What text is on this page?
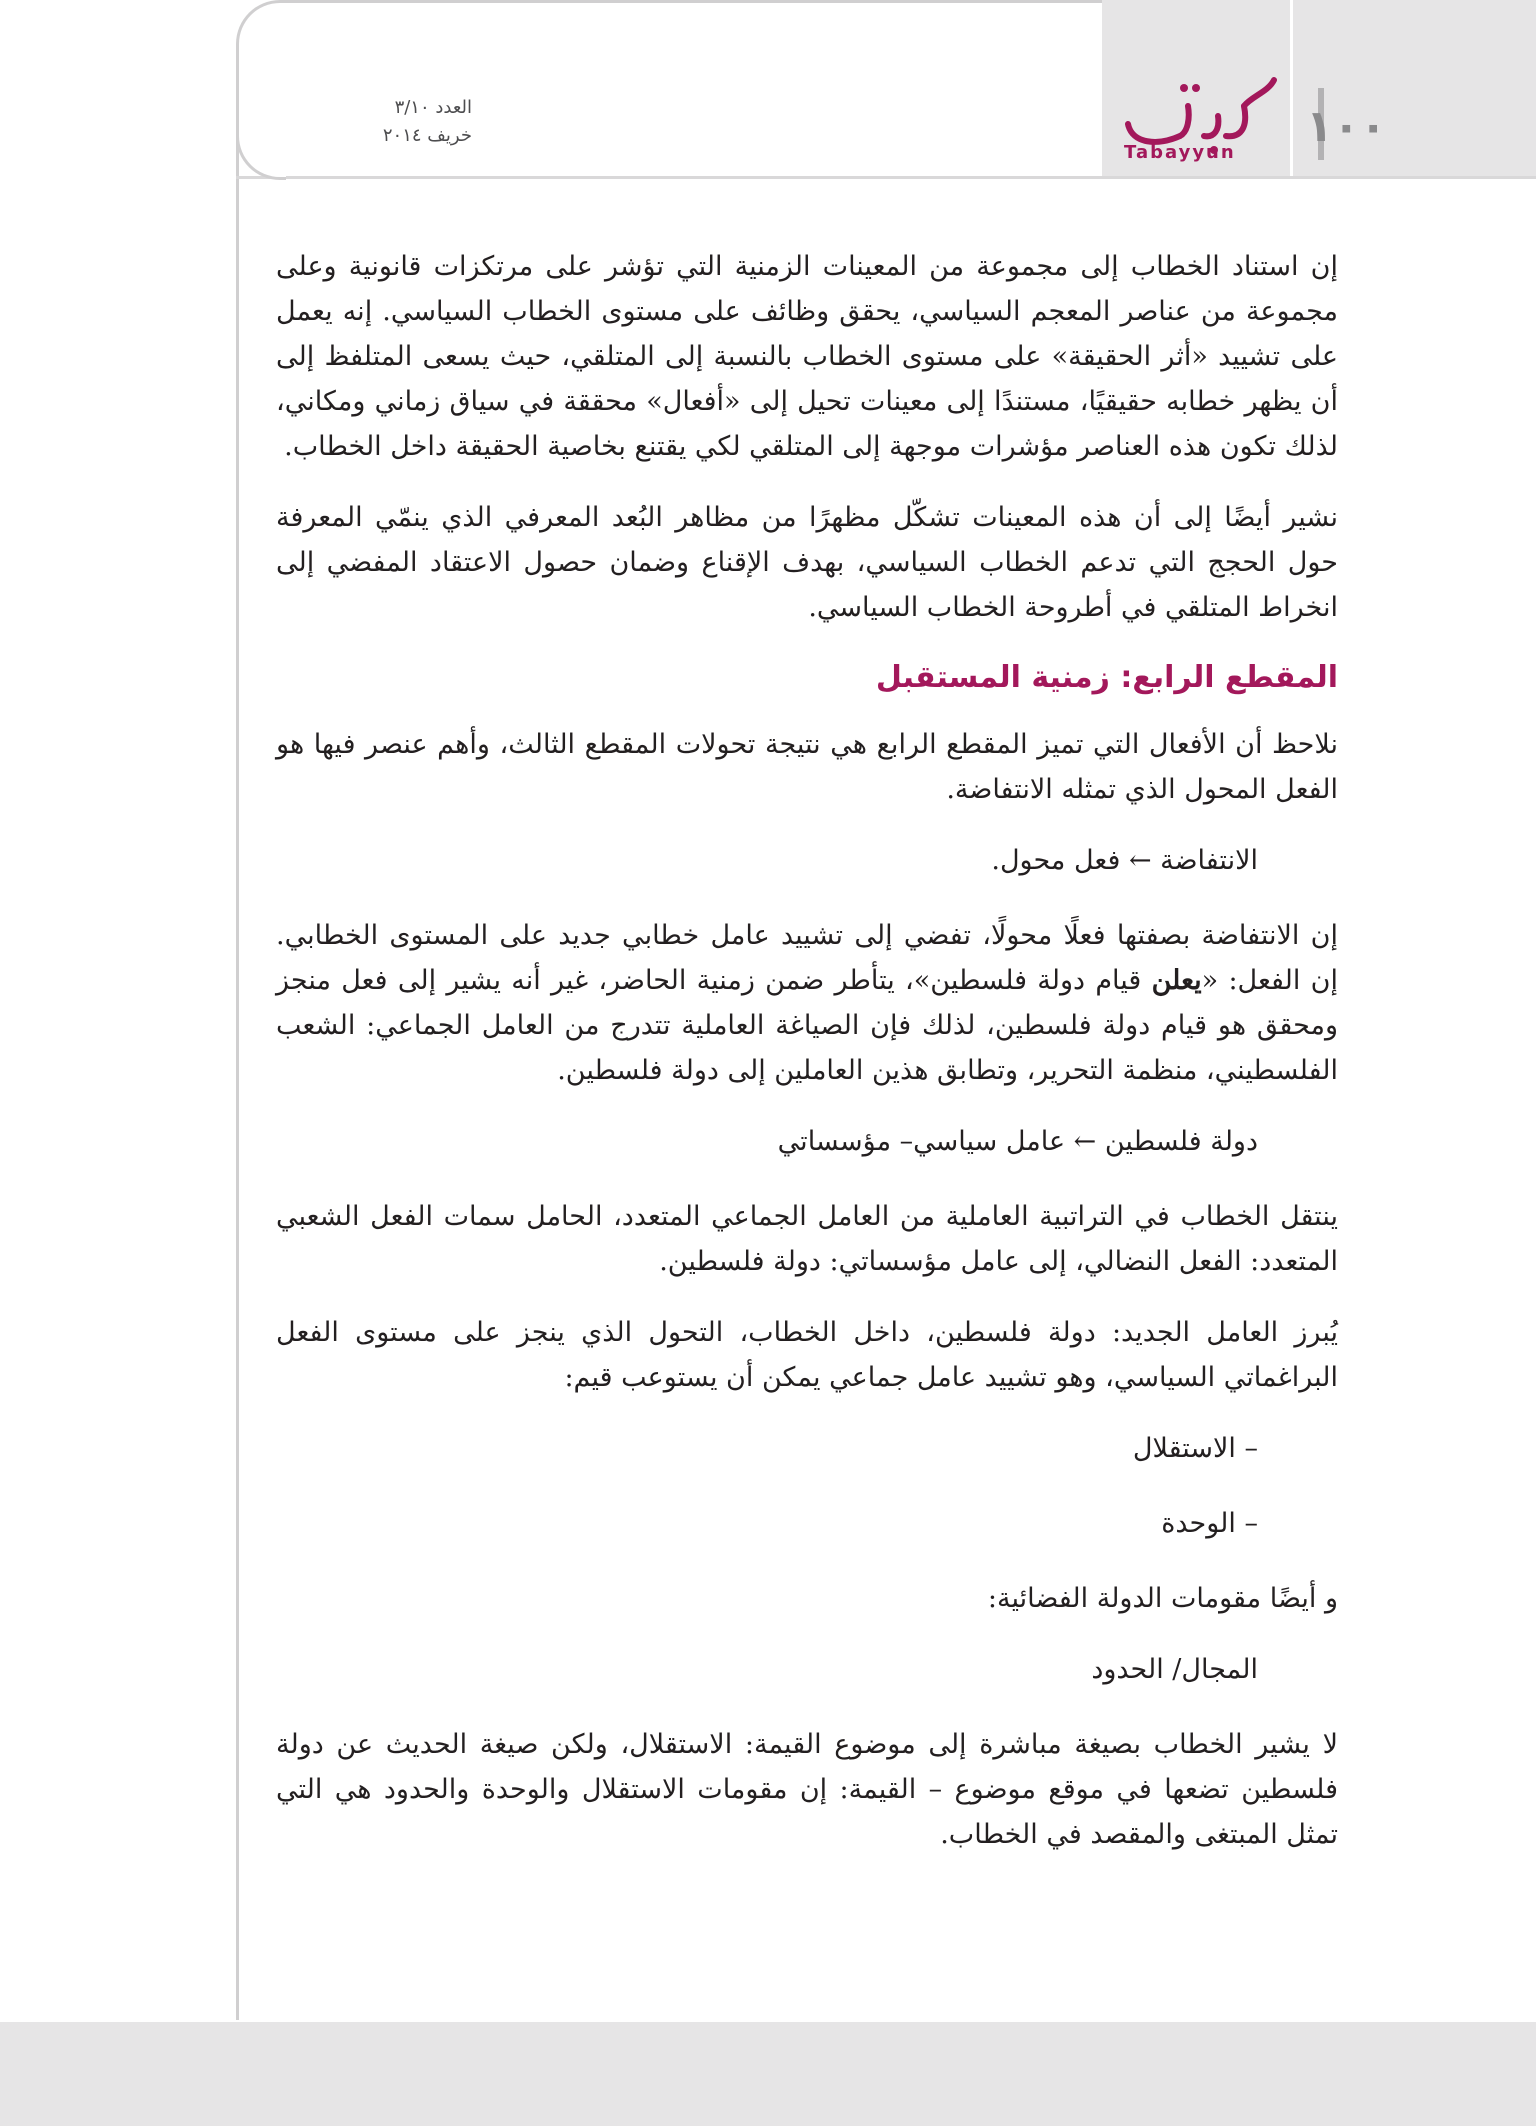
العدد ٣/١٠
خريف ٢٠١٤
Tabayyun
١٠٠

إن استناد الخطاب إلى مجموعة من المعينات الزمنية التي تؤشر على مرتكزات قانونية وعلى مجموعة من عناصر المعجم السياسي، يحقق وظائف على مستوى الخطاب السياسي. إنه يعمل على تشييد «أثر الحقيقة» على مستوى الخطاب بالنسبة إلى المتلقي، حيث يسعى المتلفظ إلى أن يظهر خطابه حقيقيًا، مستندًا إلى معينات تحيل إلى «أفعال» محققة في سياق زماني ومكاني، لذلك تكون هذه العناصر مؤشرات موجهة إلى المتلقي لكي يقتنع بخاصية الحقيقة داخل الخطاب.

نشير أيضًا إلى أن هذه المعينات تشكّل مظهرًا من مظاهر البُعد المعرفي الذي ينمّي المعرفة حول الحجج التي تدعم الخطاب السياسي، بهدف الإقناع وضمان حصول الاعتقاد المفضي إلى انخراط المتلقي في أطروحة الخطاب السياسي.

المقطع الرابع: زمنية المستقبل

نلاحظ أن الأفعال التي تميز المقطع الرابع هي نتيجة تحولات المقطع الثالث، وأهم عنصر فيها هو الفعل المحول الذي تمثله الانتفاضة.

الانتفاضة ← فعل محول.

إن الانتفاضة بصفتها فعلًا محولًا، تفضي إلى تشييد عامل خطابي جديد على المستوى الخطابي. إن الفعل: «يعلن قيام دولة فلسطين»، يتأطر ضمن زمنية الحاضر، غير أنه يشير إلى فعل منجز ومحقق هو قيام دولة فلسطين، لذلك فإن الصياغة العاملية تتدرج من العامل الجماعي: الشعب الفلسطيني، منظمة التحرير، وتطابق هذين العاملين إلى دولة فلسطين.

دولة فلسطين ← عامل سياسي– مؤسساتي

ينتقل الخطاب في التراتبية العاملية من العامل الجماعي المتعدد، الحامل سمات الفعل الشعبي المتعدد: الفعل النضالي، إلى عامل مؤسساتي: دولة فلسطين.

يُبرز العامل الجديد: دولة فلسطين، داخل الخطاب، التحول الذي ينجز على مستوى الفعل البراغماتي السياسي، وهو تشييد عامل جماعي يمكن أن يستوعب قيم:

– الاستقلال

– الوحدة

و أيضًا مقومات الدولة الفضائية:

المجال/ الحدود

لا يشير الخطاب بصيغة مباشرة إلى موضوع القيمة: الاستقلال، ولكن صيغة الحديث عن دولة فلسطين تضعها في موقع موضوع – القيمة: إن مقومات الاستقلال والوحدة والحدود هي التي تمثل المبتغى والمقصد في الخطاب.
